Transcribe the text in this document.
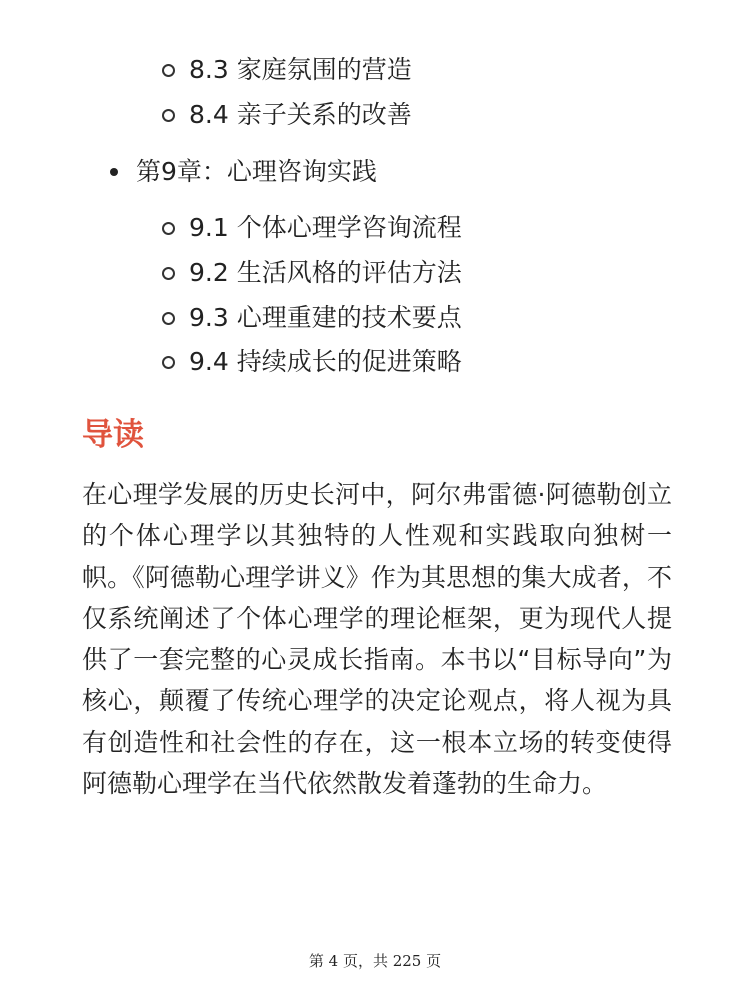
8.3 家庭氛围的营造
8.4 亲子关系的改善
第9章：心理咨询实践
9.1 个体心理学咨询流程
9.2 生活风格的评估方法
9.3 心理重建的技术要点
9.4 持续成长的促进策略
导读

在心理学发展的历史长河中，阿尔弗雷德·阿德勒创立的个体心理学以其独特的人性观和实践取向独树一帜。《阿德勒心理学讲义》作为其思想的集大成者，不仅系统阐述了个体心理学的理论框架，更为现代人提供了一套完整的心灵成长指南。本书以“目标导向”为核心，颠覆了传统心理学的决定论观点，将人视为具有创造性和社会性的存在，这一根本立场的转变使得阿德勒心理学在当代依然散发着蓬勃的生命力。

第 4 页，共 225 页
